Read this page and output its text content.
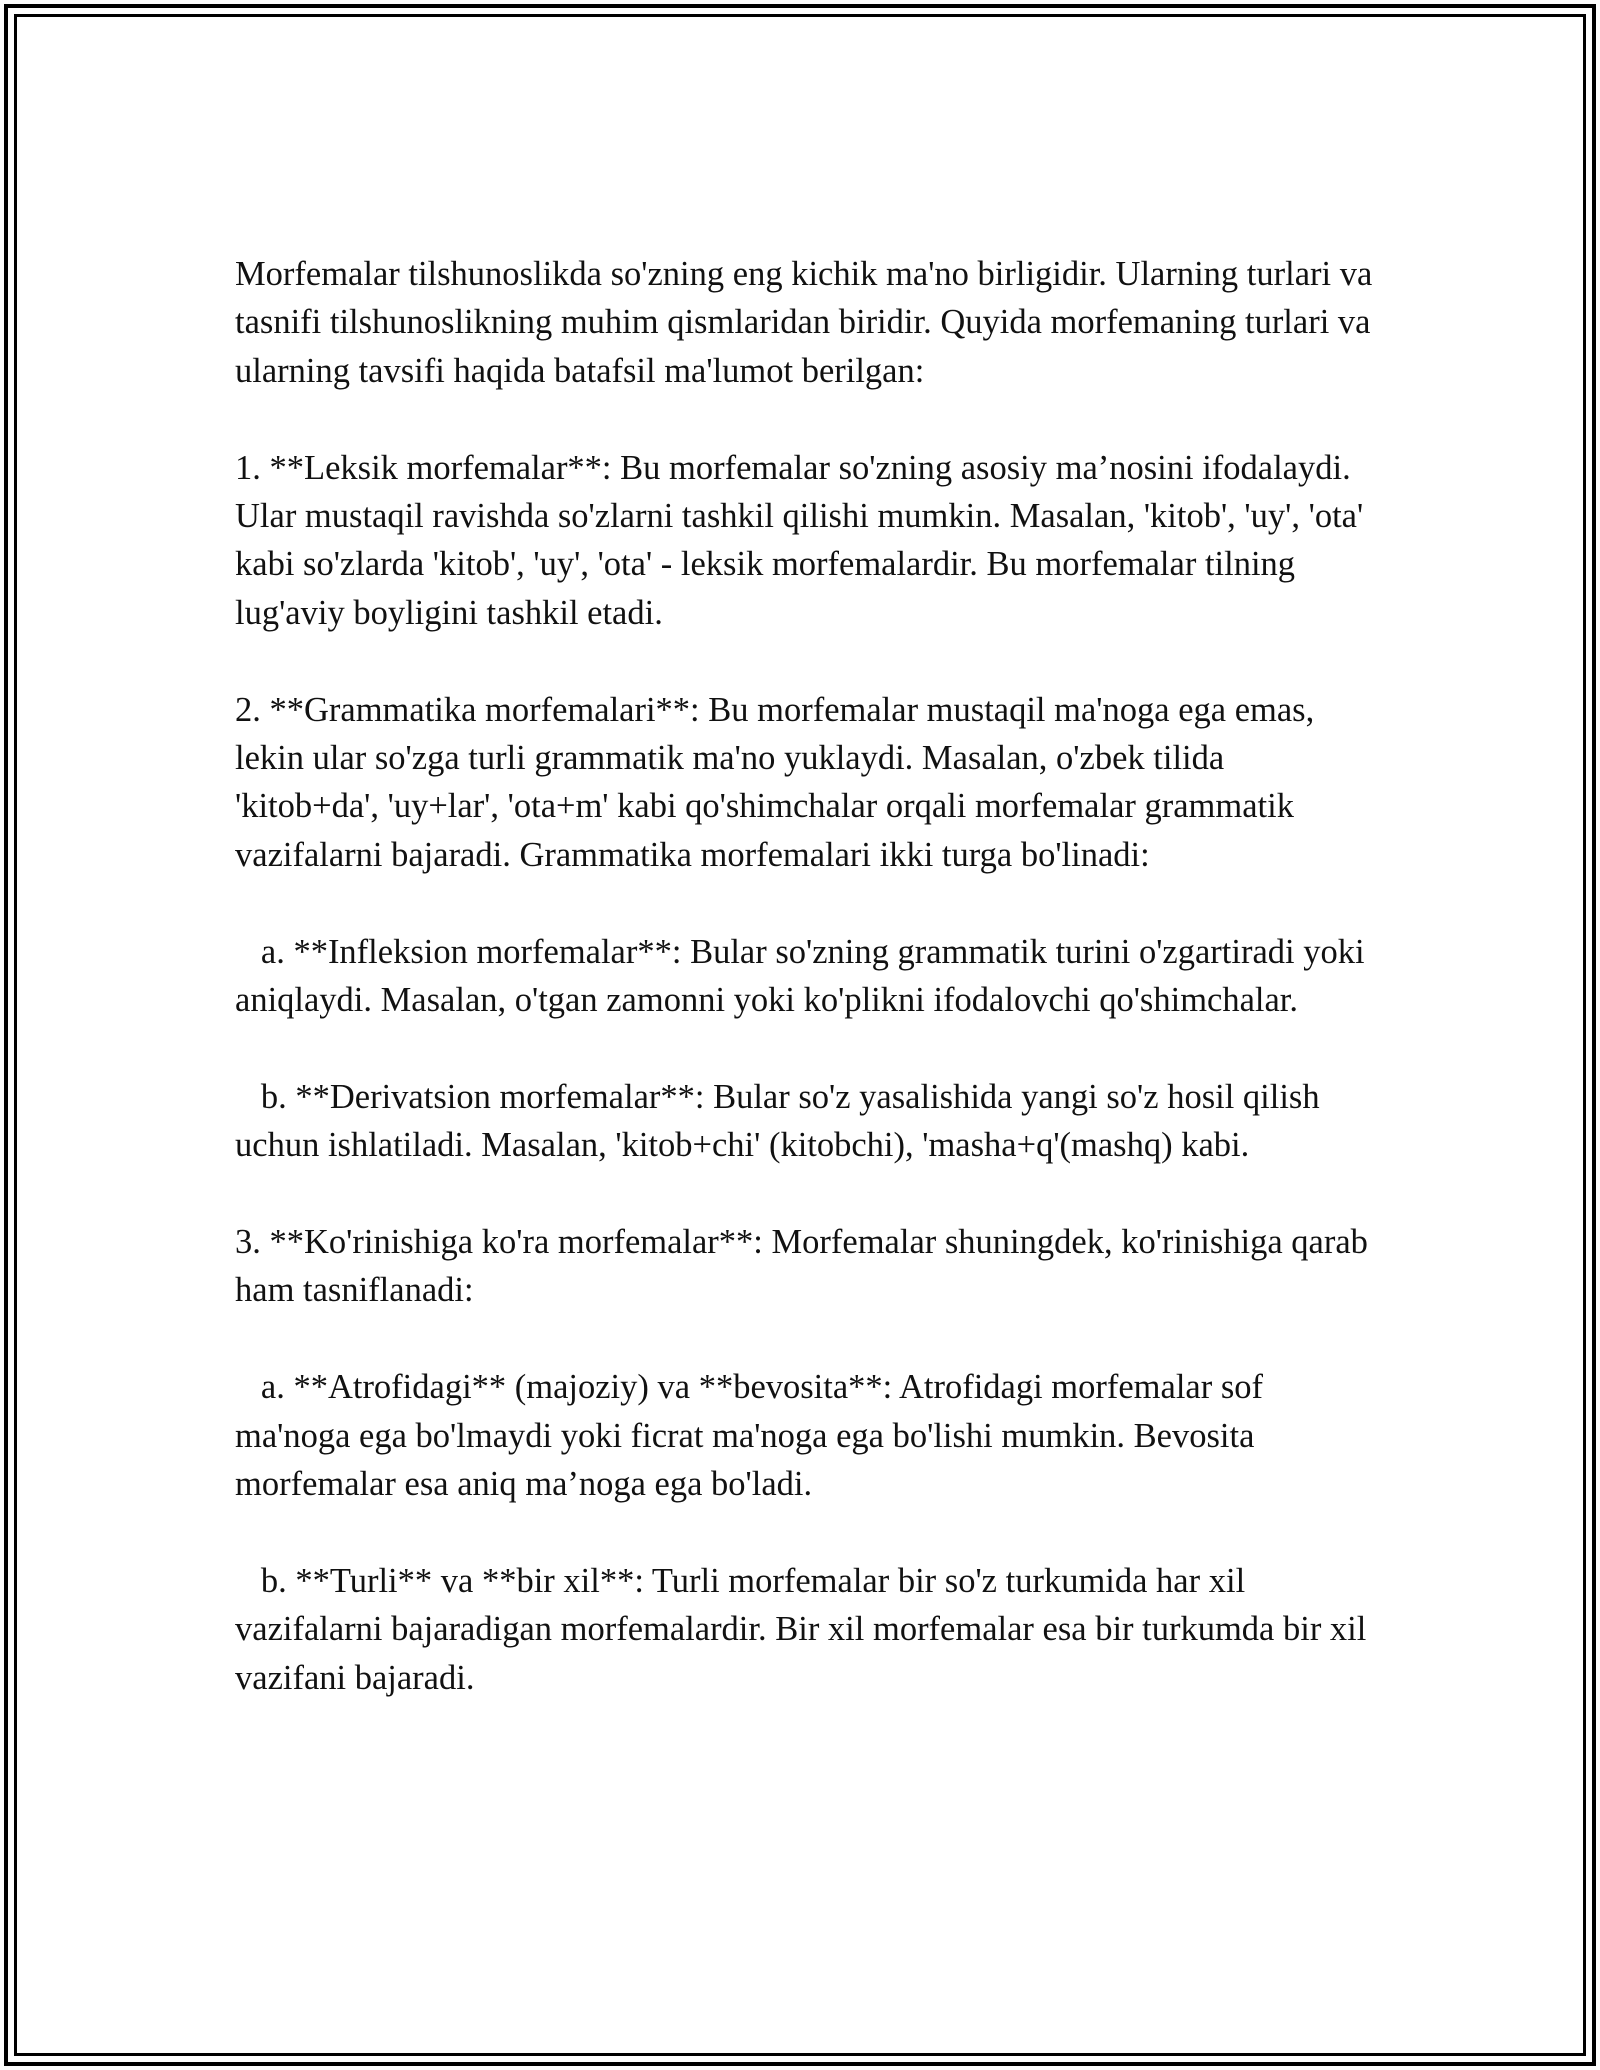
Morfemalar tilshunoslikda so'zning eng kichik ma'no birligidir. Ularning turlari va tasnifi tilshunoslikning muhim qismlaridan biridir. Quyida morfemaning turlari va ularning tavsifi haqida batafsil ma'lumot berilgan:

1. **Leksik morfemalar**: Bu morfemalar so'zning asosiy ma’nosini ifodalaydi. Ular mustaqil ravishda so'zlarni tashkil qilishi mumkin. Masalan, 'kitob', 'uy', 'ota' kabi so'zlarda 'kitob', 'uy', 'ota' - leksik morfemalardir. Bu morfemalar tilning lug'aviy boyligini tashkil etadi.

2. **Grammatika morfemalari**: Bu morfemalar mustaqil ma'noga ega emas, lekin ular so'zga turli grammatik ma'no yuklaydi. Masalan, o'zbek tilida 'kitob+da', 'uy+lar', 'ota+m' kabi qo'shimchalar orqali morfemalar grammatik vazifalarni bajaradi. Grammatika morfemalari ikki turga bo'linadi:

a. **Infleksion morfemalar**: Bular so'zning grammatik turini o'zgartiradi yoki aniqlaydi. Masalan, o'tgan zamonni yoki ko'plikni ifodalovchi qo'shimchalar.

b. **Derivatsion morfemalar**: Bular so'z yasalishida yangi so'z hosil qilish uchun ishlatiladi. Masalan, 'kitob+chi' (kitobchi), 'masha+q'(mashq) kabi.

3. **Ko'rinishiga ko'ra morfemalar**: Morfemalar shuningdek, ko'rinishiga qarab ham tasniflanadi:

a. **Atrofidagi** (majoziy) va **bevosita**: Atrofidagi morfemalar sof ma'noga ega bo'lmaydi yoki ficrat ma'noga ega bo'lishi mumkin. Bevosita morfemalar esa aniq ma’noga ega bo'ladi.

b. **Turli** va **bir xil**: Turli morfemalar bir so'z turkumida har xil vazifalarni bajaradigan morfemalardir. Bir xil morfemalar esa bir turkumda bir xil vazifani bajaradi.
